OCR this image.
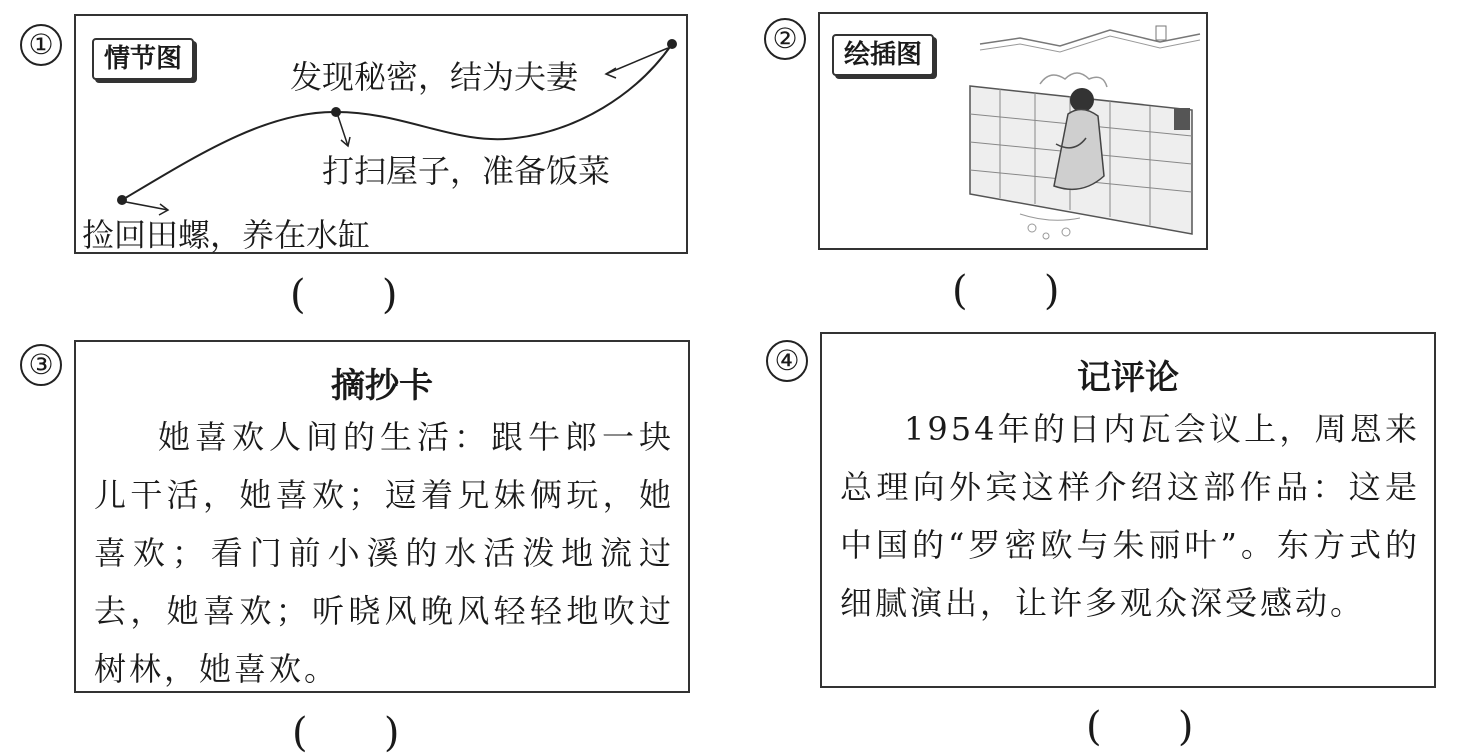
①	情节图	发现秘密，结为夫妻
打扫屋子，准备饭菜
捡回田螺，养在水缸
(      )
②	绘插图
(      )
③
摘抄卡
她喜欢人间的生活：跟牛郎一块儿干活，她喜欢；逗着兄妹俩玩，她喜欢；看门前小溪的水活泼地流过去，她喜欢；听晓风晚风轻轻地吹过树林，她喜欢。
(      )
④	记评论
1954年的日内瓦会议上，周恩来总理向外宾这样介绍这部作品：这是中国的“罗密欧与朱丽叶”。东方式的细腻演出，让许多观众深受感动。
(      )
